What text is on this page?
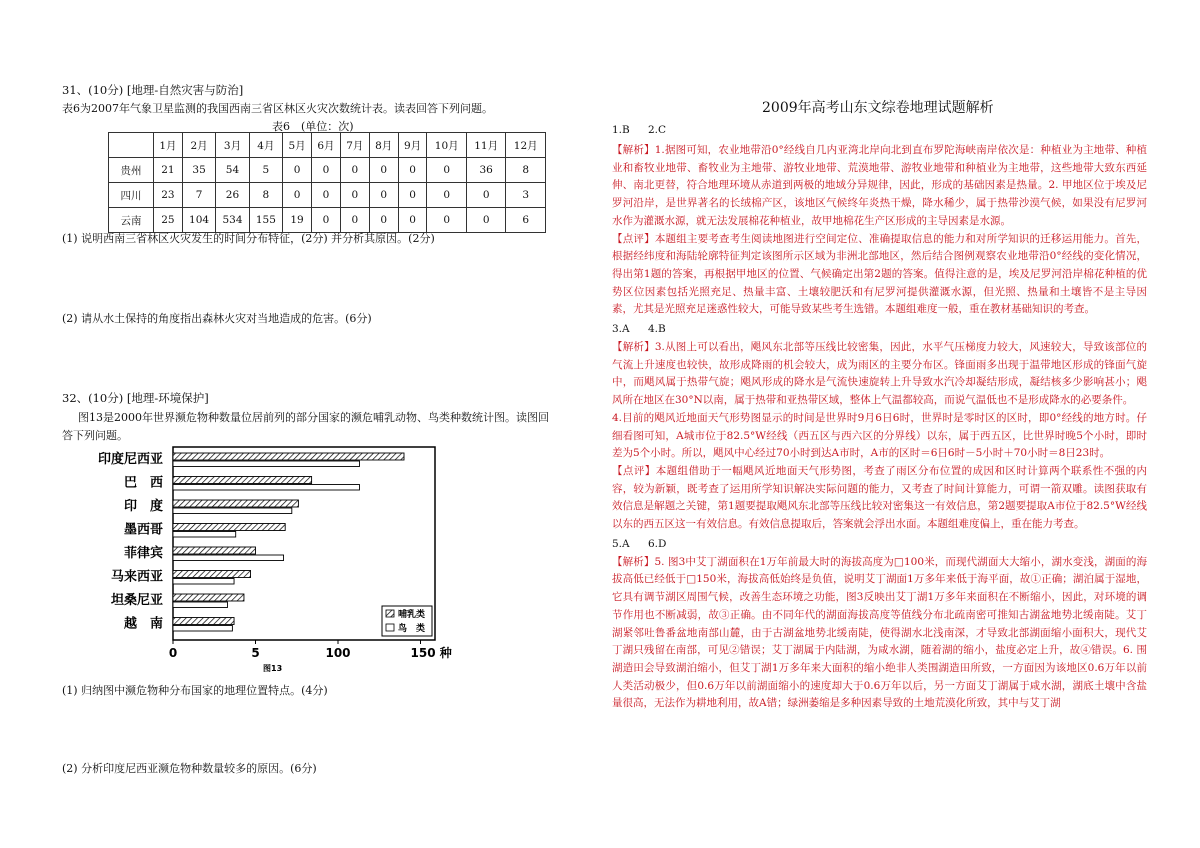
31、(10分) [地理-自然灾害与防治]
表6为2007年气象卫星监测的我国西南三省区林区火灾次数统计表。读表回答下列问题。
表6　(单位：次)
	1月	2月	3月	4月	5月	6月	7月	8月	9月	10月	11月	12月
贵州	21	35	54	5	0	0	0	0	0	0	36	8
四川	23	7	26	8	0	0	0	0	0	0	0	3
云南	25	104	534	155	19	0	0	0	0	0	0	6
(1) 说明西南三省林区火灾发生的时间分布特征，(2分) 并分析其原因。(2分)
(2) 请从水土保持的角度指出森林火灾对当地造成的危害。(6分)
32、(10分) [地理-环境保护]
图13是2000年世界濒危物种数量位居前列的部分国家的濒危哺乳动物、鸟类种数统计图。读图回
答下列问题。
印度尼西亚
巴　西
印　度
墨西哥
菲律宾
马来西亚
坦桑尼亚
越　南
0	5	100	150 种
哺乳类
鸟　类
图13
(1) 归纳图中濒危物种分布国家的地理位置特点。(4分)
(2) 分析印度尼西亚濒危物种数量较多的原因。(6分)
2009年高考山东文综卷地理试题解析
1.B 2.C
【解析】1.据图可知，农业地带沿0°经线自几内亚湾北岸向北到直布罗陀海峡南岸依次是：种植业为主地带、种植业和畜牧业地带、畜牧业为主地带、游牧业地带、荒漠地带、游牧业地带和种植业为主地带，这些地带大致东西延伸、南北更替，符合地理环境从赤道到两极的地域分异规律，因此，形成的基础因素是热量。2. 甲地区位于埃及尼罗河沿岸，是世界著名的长绒棉产区，该地区气候终年炎热干燥，降水稀少，属于热带沙漠气候，如果没有尼罗河水作为灌溉水源，就无法发展棉花种植业，故甲地棉花生产区形成的主导因素是水源。
【点评】本题组主要考查考生阅读地图进行空间定位、准确提取信息的能力和对所学知识的迁移运用能力。首先，根据经纬度和海陆轮廓特征判定该图所示区域为非洲北部地区，然后结合图例观察农业地带沿0°经线的变化情况，得出第1题的答案，再根据甲地区的位置、气候确定出第2题的答案。值得注意的是，埃及尼罗河沿岸棉花种植的优势区位因素包括光照充足、热量丰富、土壤较肥沃和有尼罗河提供灌溉水源，但光照、热量和土壤皆不是主导因素，尤其是光照充足迷惑性较大，可能导致某些考生选错。本题组难度一般，重在教材基础知识的考查。
3.A 4.B
【解析】3.从图上可以看出，飓风东北部等压线比较密集，因此，水平气压梯度力较大，风速较大，导致该部位的气流上升速度也较快，故形成降雨的机会较大，成为雨区的主要分布区。锋面雨多出现于温带地区形成的锋面气旋中，而飓风属于热带气旋；飓风形成的降水是气流快速旋转上升导致水汽冷却凝结形成，凝结核多少影响甚小；飓风所在地区在30°N以南，属于热带和亚热带区域，整体上气温都较高，而说气温低也不是形成降水的必要条件。
4.目前的飓风近地面天气形势图显示的时间是世界时9月6日6时，世界时是零时区的区时，即0°经线的地方时。仔细看图可知，A城市位于82.5°W经线（西五区与西六区的分界线）以东，属于西五区，比世界时晚5个小时，即时差为5个小时。所以，飓风中心经过70小时到达A市时，A市的区时＝6日6时－5小时＋70小时＝8日23时。
【点评】本题组借助于一幅飓风近地面天气形势图，考查了雨区分布位置的成因和区时计算两个联系性不强的内容，较为新颖，既考查了运用所学知识解决实际问题的能力，又考查了时间计算能力，可谓一箭双雕。读图获取有效信息是解题之关键，第1题要提取飓风东北部等压线比较对密集这一有效信息，第2题要提取A市位于82.5°W经线以东的西五区这一有效信息。有效信息提取后，答案就会浮出水面。本题组难度偏上，重在能力考查。
5.A 6.D
【解析】5. 图3中艾丁湖面积在1万年前最大时的海拔高度为□100米，而现代湖面大大缩小，湖水变浅，湖面的海拔高低已经低于□150米，海拔高低始终是负值，说明艾丁湖面1万多年来低于海平面，故①正确；湖泊属于湿地，它具有调节湖区周围气候，改善生态环境之功能，图3反映出艾丁湖1万多年来面积在不断缩小，因此，对环境的调节作用也不断减弱，故③正确。由不同年代的湖面海拔高度等值线分布北疏南密可推知古湖盆地势北缓南陡。艾丁湖紧邻吐鲁番盆地南部山麓，由于古湖盆地势北缓南陡，使得湖水北浅南深，才导致北部湖面缩小面积大，现代艾丁湖只残留在南部，可见②错误；艾丁湖属于内陆湖，为咸水湖，随着湖的缩小，盐度必定上升，故④错误。6. 围湖造田会导致湖泊缩小，但艾丁湖1万多年来大面积的缩小绝非人类围湖造田所致，一方面因为该地区0.6万年以前人类活动极少，但0.6万年以前湖面缩小的速度却大于0.6万年以后，另一方面艾丁湖属于咸水湖，湖底土壤中含盐量很高，无法作为耕地利用，故A错；绿洲萎缩是多种因素导致的土地荒漠化所致，其中与艾丁湖
